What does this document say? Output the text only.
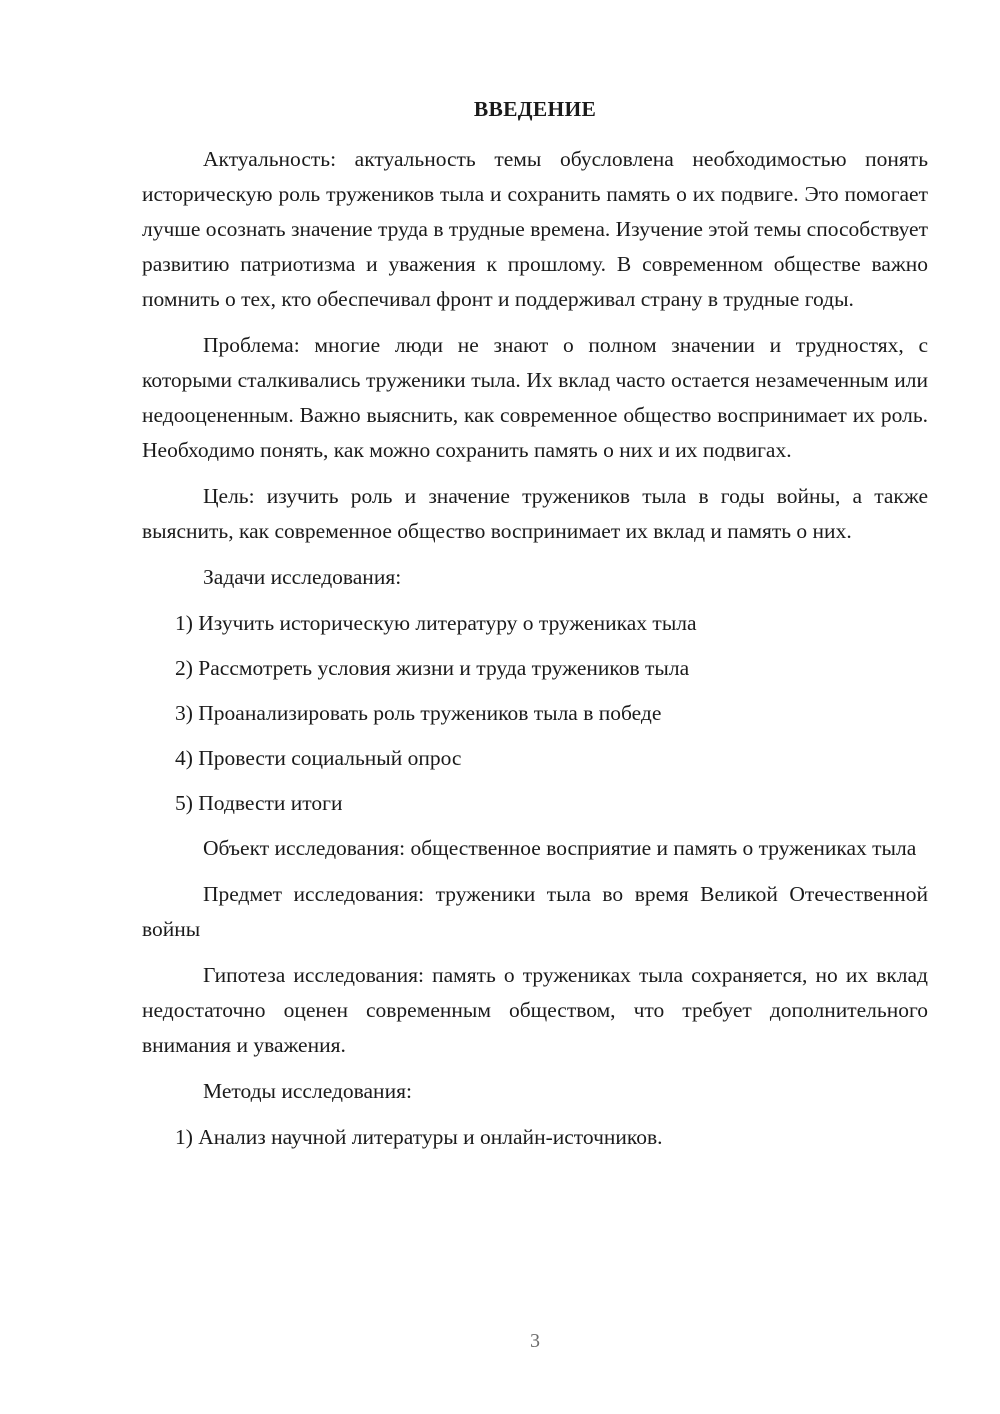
ВВЕДЕНИЕ

Актуальность: актуальность темы обусловлена необходимостью понять историческую роль тружеников тыла и сохранить память о их подвиге. Это помогает лучше осознать значение труда в трудные времена. Изучение этой темы способствует развитию патриотизма и уважения к прошлому. В современном обществе важно помнить о тех, кто обеспечивал фронт и поддерживал страну в трудные годы.

Проблема: многие люди не знают о полном значении и трудностях, с которыми сталкивались труженики тыла. Их вклад часто остается незамеченным или недооцененным. Важно выяснить, как современное общество воспринимает их роль. Необходимо понять, как можно сохранить память о них и их подвигах.

Цель: изучить роль и значение тружеников тыла в годы войны, а также выяснить, как современное общество воспринимает их вклад и память о них.

Задачи исследования:

1) Изучить историческую литературу о тружениках тыла

2) Рассмотреть условия жизни и труда тружеников тыла

3) Проанализировать роль тружеников тыла в победе

4) Провести социальный опрос

5) Подвести итоги

Объект исследования: общественное восприятие и память о тружениках тыла

Предмет исследования: труженики тыла во время Великой Отечественной войны

Гипотеза исследования: память о тружениках тыла сохраняется, но их вклад недостаточно оценен современным обществом, что требует дополнительного внимания и уважения.

Методы исследования:

1) Анализ научной литературы и онлайн-источников.

3
